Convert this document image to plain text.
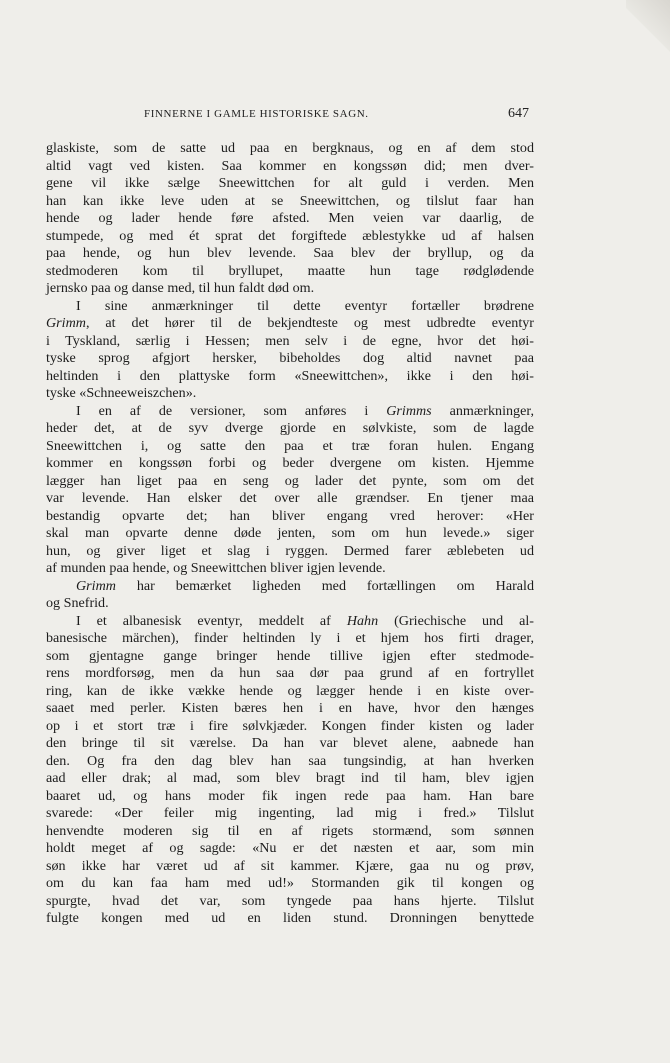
FINNERNE I GAMLE HISTORISKE SAGN.	647
glaskiste, som de satte ud paa en bergknaus, og en af dem stod
altid vagt ved kisten. Saa kommer en kongssøn did; men dver-
gene vil ikke sælge Sneewittchen for alt guld i verden. Men
han kan ikke leve uden at se Sneewittchen, og tilslut faar han
hende og lader hende føre afsted. Men veien var daarlig, de
stumpede, og med ét sprat det forgiftede æblestykke ud af halsen
paa hende, og hun blev levende. Saa blev der bryllup, og da
stedmoderen kom til bryllupet, maatte hun tage rødglødende
jernsko paa og danse med, til hun faldt død om.
I sine anmærkninger til dette eventyr fortæller brødrene
Grimm, at det hører til de bekjendteste og mest udbredte eventyr
i Tyskland, særlig i Hessen; men selv i de egne, hvor det høi-
tyske sprog afgjort hersker, bibeholdes dog altid navnet paa
heltinden i den plattyske form «Sneewittchen», ikke i den høi-
tyske «Schneeweiszchen».
I en af de versioner, som anføres i Grimms anmærkninger,
heder det, at de syv dverge gjorde en sølvkiste, som de lagde
Sneewittchen i, og satte den paa et træ foran hulen. Engang
kommer en kongssøn forbi og beder dvergene om kisten. Hjemme
lægger han liget paa en seng og lader det pynte, som om det
var levende. Han elsker det over alle grændser. En tjener maa
bestandig opvarte det; han bliver engang vred herover: «Her
skal man opvarte denne døde jenten, som om hun levede.» siger
hun, og giver liget et slag i ryggen. Dermed farer æblebeten ud
af munden paa hende, og Sneewittchen bliver igjen levende.
Grimm har bemærket ligheden med fortællingen om Harald
og Snefrid.
I et albanesisk eventyr, meddelt af Hahn (Griechische und al-
banesische märchen), finder heltinden ly i et hjem hos firti drager,
som gjentagne gange bringer hende tillive igjen efter stedmode-
rens mordforsøg, men da hun saa dør paa grund af en fortryllet
ring, kan de ikke vække hende og lægger hende i en kiste over-
saaet med perler. Kisten bæres hen i en have, hvor den hænges
op i et stort træ i fire sølvkjæder. Kongen finder kisten og lader
den bringe til sit værelse. Da han var blevet alene, aabnede han
den. Og fra den dag blev han saa tungsindig, at han hverken
aad eller drak; al mad, som blev bragt ind til ham, blev igjen
baaret ud, og hans moder fik ingen rede paa ham. Han bare
svarede: «Der feiler mig ingenting, lad mig i fred.» Tilslut
henvendte moderen sig til en af rigets stormænd, som sønnen
holdt meget af og sagde: «Nu er det næsten et aar, som min
søn ikke har været ud af sit kammer. Kjære, gaa nu og prøv,
om du kan faa ham med ud!» Stormanden gik til kongen og
spurgte, hvad det var, som tyngede paa hans hjerte. Tilslut
fulgte kongen med ud en liden stund. Dronningen benyttede
